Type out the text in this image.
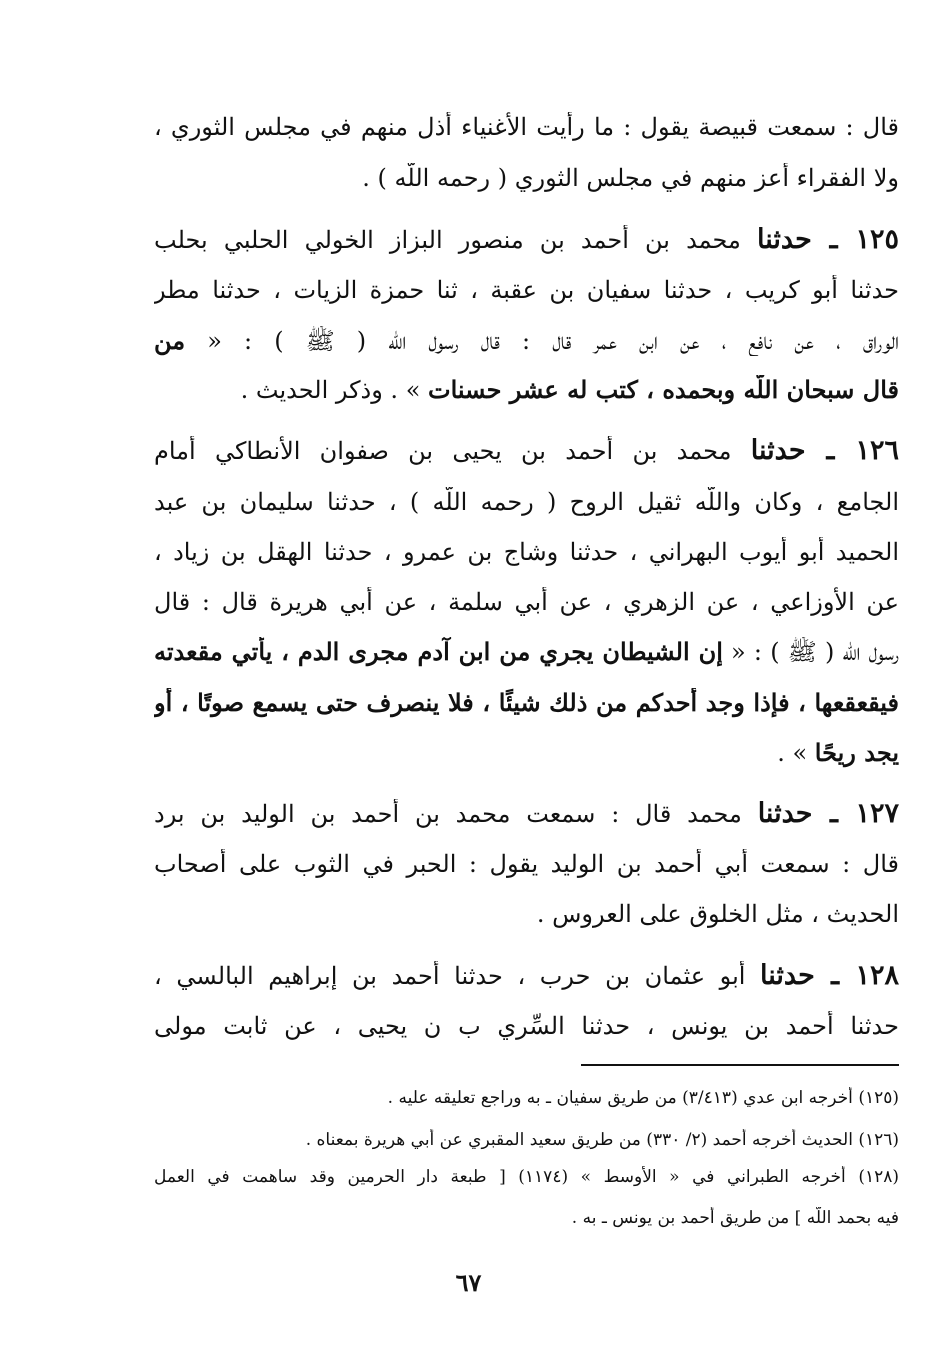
قال : سمعت قبيصة يقول : ما رأيت الأغنياء أذل منهم في مجلس الثوري ،
ولا الفقراء أعز منهم في مجلس الثوري ( رحمه اللّه ) .
١٢٥ ـ حدثنا محمد بن أحمد بن منصور البزاز الخولي الحلبي بحلب
حدثنا أبو كريب ، حدثنا سفيان بن عقبة ، ثنا حمزة الزيات ، حدثنا مطر
الوراق ، عن نافع ، عن ابن عمر قال : قال رسول اللّه ( ﷺ ) : « من
قال سبحان اللّه وبحمده ، كتب له عشر حسنات » . وذكر الحديث .
١٢٦ ـ حدثنا محمد بن أحمد بن يحيى بن صفوان الأنطاكي أمام
الجامع ، وكان واللّه ثقيل الروح ( رحمه اللّه ) ، حدثنا سليمان بن عبد
الحميد أبو أيوب البهراني ، حدثنا وشاج بن عمرو ، حدثنا الهقل بن زياد ،
عن الأوزاعي ، عن الزهري ، عن أبي سلمة ، عن أبي هريرة قال : قال
رسول اللّه ( ﷺ ) : « إن الشيطان يجري من ابن آدم مجرى الدم ، يأتي مقعدته
فيقعقعها ، فإذا وجد أحدكم من ذلك شيئًا ، فلا ينصرف حتى يسمع صوتًا ، أو
يجد ريحًا » .
١٢٧ ـ حدثنا محمد قال : سمعت محمد بن أحمد بن الوليد بن برد
قال : سمعت أبي أحمد بن الوليد يقول : الحبر في الثوب على أصحاب
الحديث ، مثل الخلوق على العروس .
١٢٨ ـ حدثنا أبو عثمان بن حرب ، حدثنا أحمد بن إبراهيم البالسي ،
حدثنا أحمد بن يونس ، حدثنا السِّري ب ن يحيى ، عن ثابت مولى
(١٢٥) أخرجه ابن عدي (٣/٤١٣) من طريق سفيان ـ به وراجع تعليقه عليه .
(١٢٦) الحديث أخرجه أحمد (٢/ ٣٣٠) من طريق سعيد المقبري عن أبي هريرة بمعناه .
(١٢٨) أخرجه الطبراني في « الأوسط » (١١٧٤) [ طبعة دار الحرمين وقد ساهمت في العمل
فيه بحمد اللّه ] من طريق أحمد بن يونس ـ به .
٦٧
